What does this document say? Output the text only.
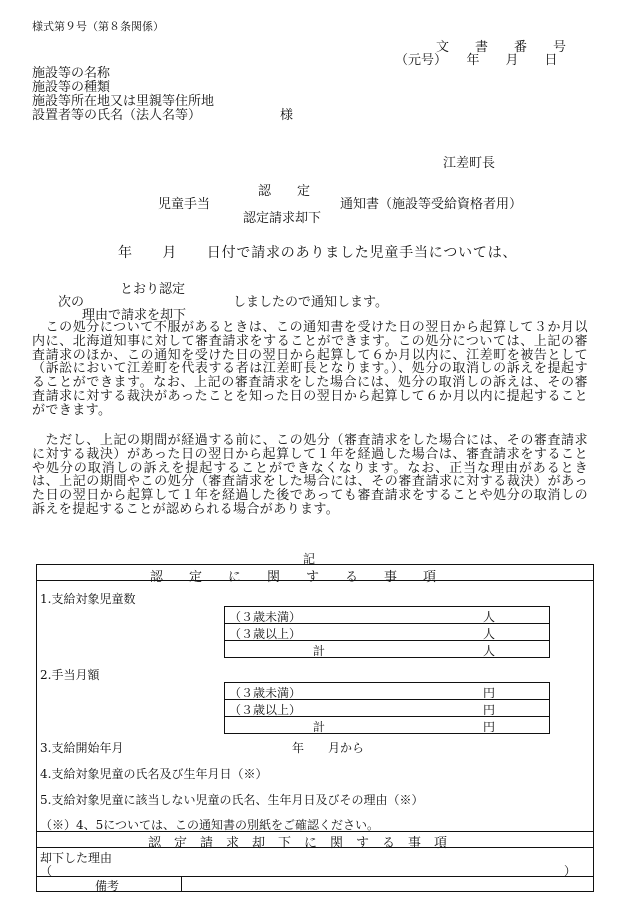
様式第９号（第８条関係）
文　　書　　番　　号
（元号）　　年　　月　　日
施設等の名称
施設等の種類
施設等所在地又は里親等住所地
設置者等の氏名（法人名等）	様
江差町長
認　　定
児童手当	通知書（施設等受給資格者用）
認定請求却下
年　　月　　日付で請求のありました児童手当については、
とおり認定
次の	しましたので通知します。
理由で請求を却下
　この処分について不服があるときは、この通知書を受けた日の翌日から起算して３か月以内に、北海道知事に対して審査請求をすることができます。この処分については、上記の審査請求のほか、この通知を受けた日の翌日から起算して６か月以内に、江差町を被告として（訴訟において江差町を代表する者は江差町長となります。）、処分の取消しの訴えを提起することができます。なお、上記の審査請求をした場合には、処分の取消しの訴えは、その審査請求に対する裁決があったことを知った日の翌日から起算して６か月以内に提起することができます。
　ただし、上記の期間が経過する前に、この処分（審査請求をした場合には、その審査請求に対する裁決）があった日の翌日から起算して１年を経過した場合は、審査請求をすることや処分の取消しの訴えを提起することができなくなります。なお、正当な理由があるときは、上記の期間やこの処分（審査請求をした場合には、その審査請求に対する裁決）があった日の翌日から起算して１年を経過した後であっても審査請求をすることや処分の取消しの訴えを提起することが認められる場合があります。
記
認　　定　　に　　関　　す　　る　　事　　項
1.支給対象児童数
（３歳未満）	人
（３歳以上）	人
計	人
2.手当月額
（３歳未満）	円
（３歳以上）	円
計	円
3.支給開始年月	年　　月から
4.支給対象児童の氏名及び生年月日（※）
5.支給対象児童に該当しない児童の氏名、生年月日及びその理由（※）
（※）4、5については、この通知書の別紙をご確認ください。
認　定　請　求　却　下　に　関　す　る　事　項
却下した理由
（	）
備考
